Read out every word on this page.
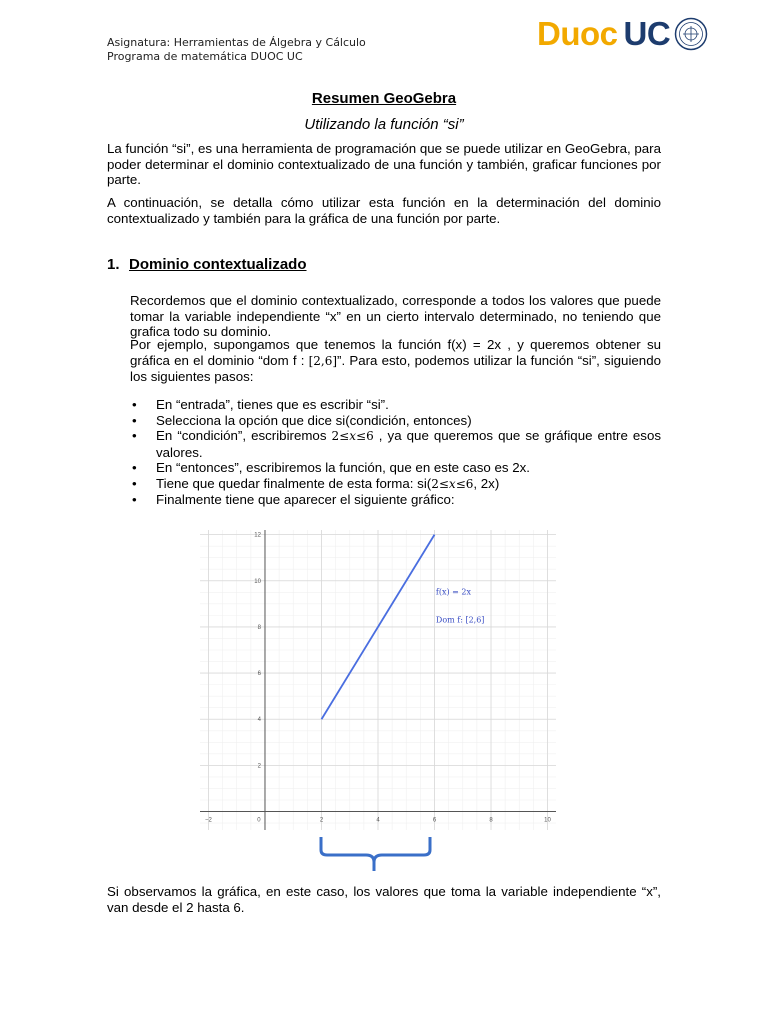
Asignatura: Herramientas de Álgebra y Cálculo
Programa de matemática DUOC UC
Duoc UC
Resumen GeoGebra
Utilizando la función “si”
La función “si”, es una herramienta de programación que se puede utilizar en GeoGebra, para poder determinar el dominio contextualizado de una función y también, graficar funciones por parte.
A continuación, se detalla cómo utilizar esta función en la determinación del dominio contextualizado y también para la gráfica de una función por parte.
1. Dominio contextualizado
Recordemos que el dominio contextualizado, corresponde a todos los valores que puede tomar la variable independiente “x” en un cierto intervalo determinado, no teniendo que grafica todo su dominio.
Por ejemplo, supongamos que tenemos la función f(x) = 2x , y queremos obtener su gráfica en el dominio “dom f : [2,6]”. Para esto, podemos utilizar la función “si”, siguiendo los siguientes pasos:
• En “entrada”, tienes que es escribir “si”.
• Selecciona la opción que dice si(condición, entonces)
• En “condición”, escribiremos 2≤x≤6 , ya que queremos que se gráfique entre esos valores.
• En “entonces”, escribiremos la función, que en este caso es 2x.
• Tiene que quedar finalmente de esta forma: si(2≤x≤6, 2x)
• Finalmente tiene que aparecer el siguiente gráfico:
−2	0	2	4	6	8	10
2
4
6
8
10
12
f(x) = 2x
Dom f: [2,6]
Si observamos la gráfica, en este caso, los valores que toma la variable independiente “x”, van desde el 2 hasta 6.
